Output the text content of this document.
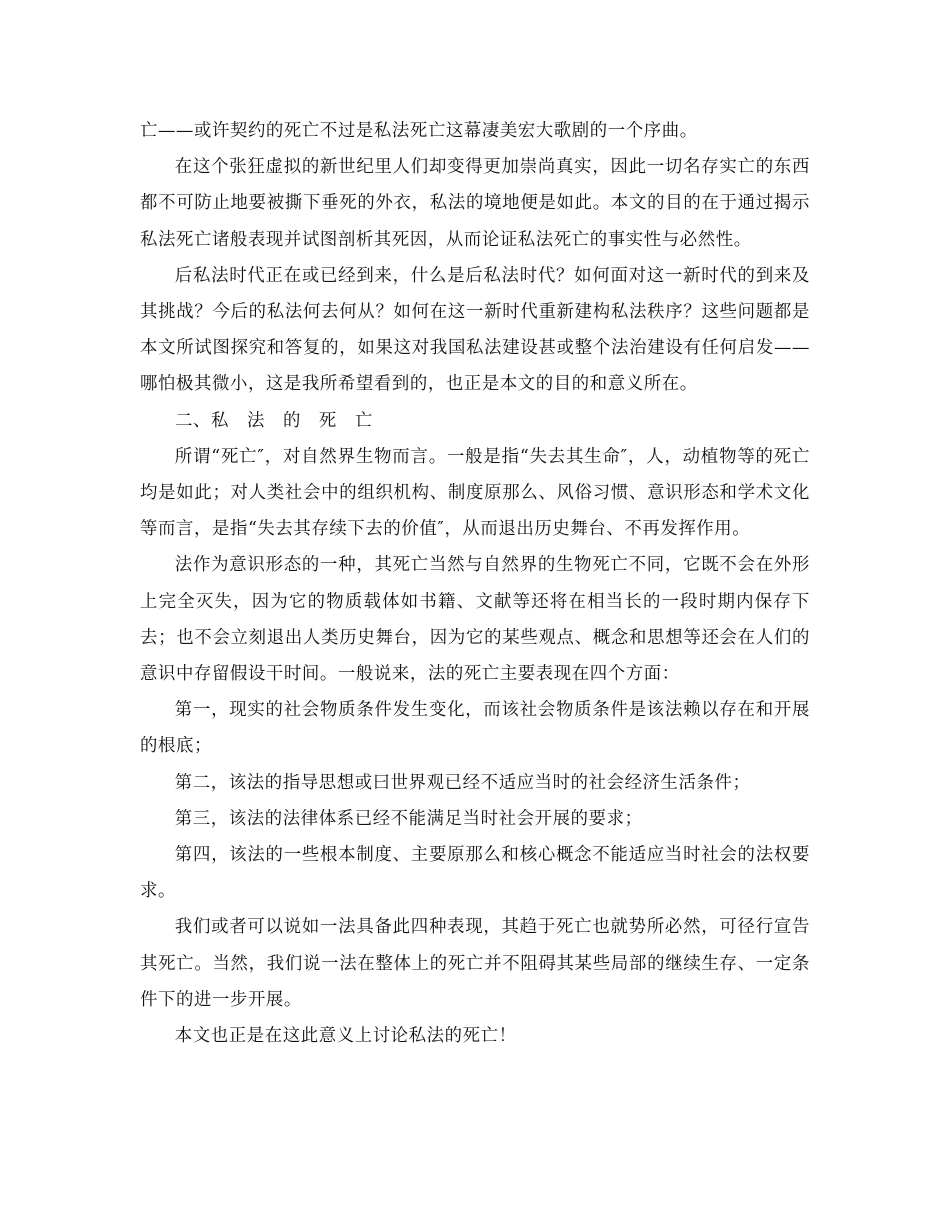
亡——或许契约的死亡不过是私法死亡这幕凄美宏大歌剧的一个序曲。

在这个张狂虚拟的新世纪里人们却变得更加崇尚真实，因此一切名存实亡的东西都不可防止地要被撕下垂死的外衣，私法的境地便是如此。本文的目的在于通过揭示私法死亡诸般表现并试图剖析其死因，从而论证私法死亡的事实性与必然性。

后私法时代正在或已经到来，什么是后私法时代？如何面对这一新时代的到来及其挑战？今后的私法何去何从？如何在这一新时代重新建构私法秩序？这些问题都是本文所试图探究和答复的，如果这对我国私法建设甚或整个法治建设有任何启发——哪怕极其微小，这是我所希望看到的，也正是本文的目的和意义所在。

二、私　法　的　死　亡

所谓“死亡″，对自然界生物而言。一般是指“失去其生命″，人，动植物等的死亡均是如此；对人类社会中的组织机构、制度原那么、风俗习惯、意识形态和学术文化等而言，是指“失去其存续下去的价值″，从而退出历史舞台、不再发挥作用。

法作为意识形态的一种，其死亡当然与自然界的生物死亡不同，它既不会在外形上完全灭失，因为它的物质载体如书籍、文献等还将在相当长的一段时期内保存下去；也不会立刻退出人类历史舞台，因为它的某些观点、概念和思想等还会在人们的意识中存留假设干时间。一般说来，法的死亡主要表现在四个方面：

第一，现实的社会物质条件发生变化，而该社会物质条件是该法赖以存在和开展的根底；

第二，该法的指导思想或曰世界观已经不适应当时的社会经济生活条件；

第三，该法的法律体系已经不能满足当时社会开展的要求；

第四，该法的一些根本制度、主要原那么和核心概念不能适应当时社会的法权要求。

我们或者可以说如一法具备此四种表现，其趋于死亡也就势所必然，可径行宣告其死亡。当然，我们说一法在整体上的死亡并不阻碍其某些局部的继续生存、一定条件下的进一步开展。

本文也正是在这此意义上讨论私法的死亡！
